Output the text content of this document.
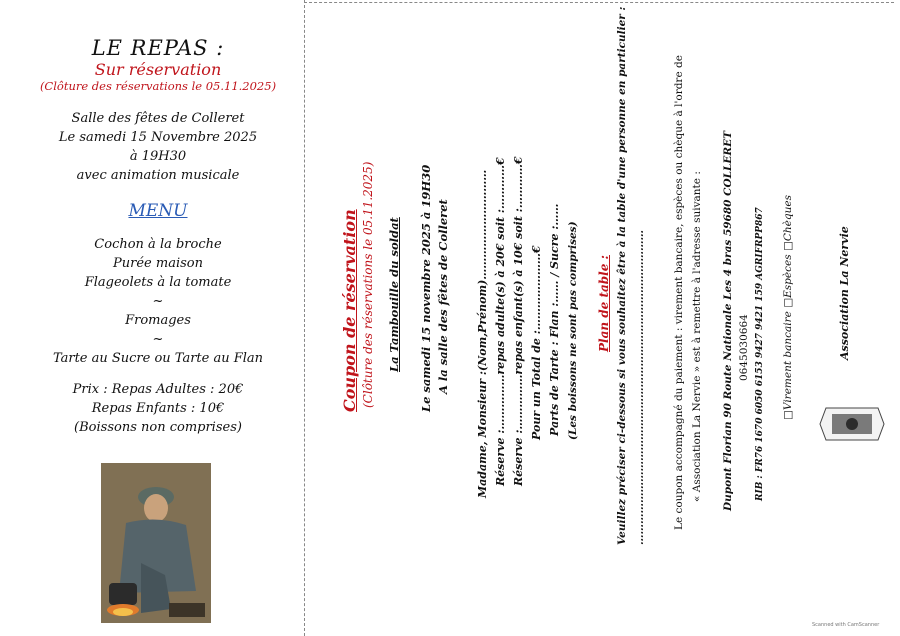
LE REPAS :
Sur réservation
(Clôture des réservations le 05.11.2025)
Salle des fêtes de Colleret
Le samedi 15 Novembre 2025
à 19H30
avec animation musicale
MENU
Cochon à la broche
Purée maison
Flageolets à la tomate
~
Fromages
~
Tarte au Sucre ou Tarte au Flan
Prix : Repas Adultes : 20€
Repas Enfants : 10€
(Boissons non comprises)
Coupon de réservation (Clôture des réservations le 05.11.2025) La Tambouille du soldat Le samedi 15 novembre 2025 à 19H30 A la salle des fêtes de Colleret Madame, Monsieur :(Nom,Prénom)………………………… Réserve :……………repas adulte(s) à 20€ soit :…………€ Réserve :……………repas enfant(s) à 10€ soit :…………€ Pour un Total de :…………………€ Parts de Tarte : Flan :…… / Sucre :…… (Les boissons ne sont pas comprises) Plan de table : Veuillez préciser ci-dessous si vous souhaitez être à la table d'une personne en particulier : ………………………………………………………………………………	Le coupon accompagné du paiement : virement bancaire, espèces ou chèque à l'ordre de « Association La Nervie » est à remettre à l'adresse suivante : Dupont Florian 90 Route Nationale Les 4 bras 59680 COLLERET 0645030664 RIB : FR76 1670 6050 6153 9427 9421 159 AGRIFRPP867 □Virement bancaire □Espèces □Chèques	Association La Nervie
Scanned with CamScanner
